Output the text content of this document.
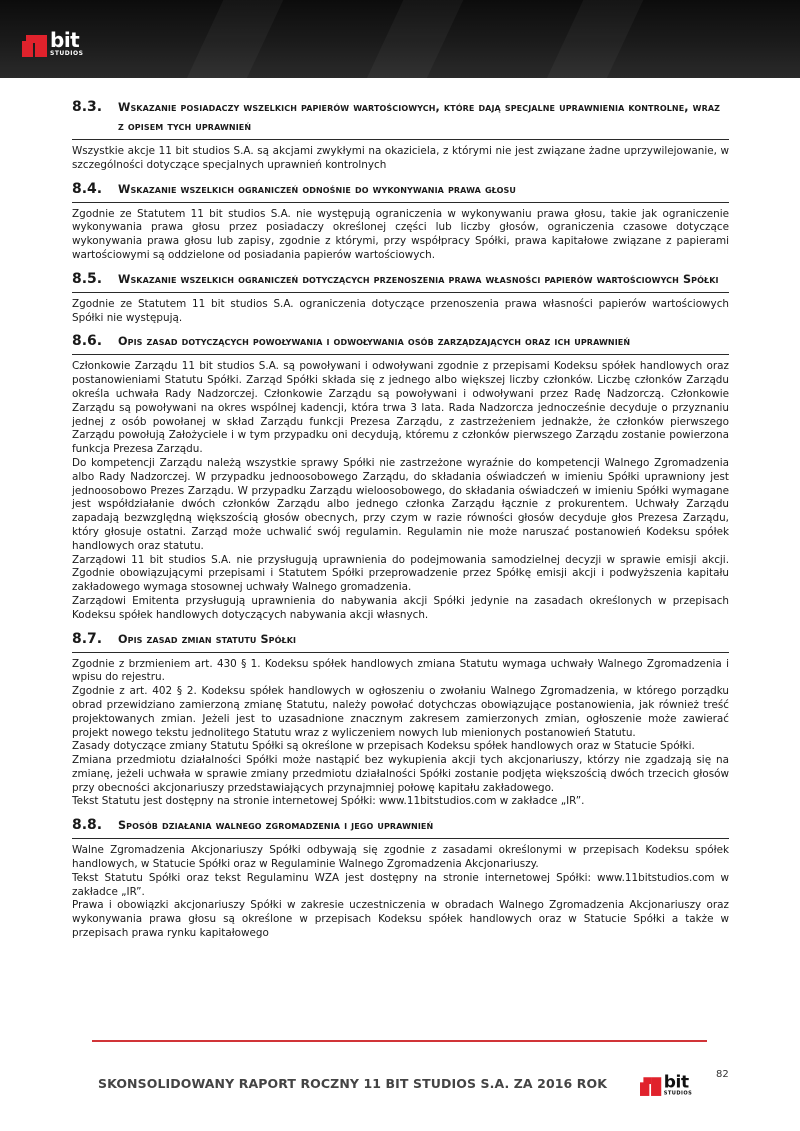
bit
STUDIOS
8.3.	Wskazanie posiadaczy wszelkich papierów wartościowych, które dają specjalne uprawnienia kontrolne, wraz z opisem tych uprawnień

Wszystkie akcje 11 bit studios S.A. są akcjami zwykłymi na okaziciela, z którymi nie jest związane żadne uprzywilejowanie, w szczególności dotyczące specjalnych uprawnień kontrolnych

8.4.	Wskazanie wszelkich ograniczeń odnośnie do wykonywania prawa głosu

Zgodnie ze Statutem 11 bit studios S.A. nie występują ograniczenia w wykonywaniu prawa głosu, takie jak ograniczenie wykonywania prawa głosu przez posiadaczy określonej części lub liczby głosów, ograniczenia czasowe dotyczące wykonywania prawa głosu lub zapisy, zgodnie z którymi, przy współpracy Spółki, prawa kapitałowe związane z papierami wartościowymi są oddzielone od posiadania papierów wartościowych.

8.5.	Wskazanie wszelkich ograniczeń dotyczących przenoszenia prawa własności papierów wartościowych Spółki

Zgodnie ze Statutem 11 bit studios S.A. ograniczenia dotyczące przenoszenia prawa własności papierów wartościowych Spółki nie występują.

8.6.	Opis zasad dotyczących powoływania i odwoływania osób zarządzających oraz ich uprawnień

Członkowie Zarządu 11 bit studios S.A. są powoływani i odwoływani zgodnie z przepisami Kodeksu spółek handlowych oraz postanowieniami Statutu Spółki. Zarząd Spółki składa się z jednego albo większej liczby członków. Liczbę członków Zarządu określa uchwała Rady Nadzorczej. Członkowie Zarządu są powoływani i odwoływani przez Radę Nadzorczą. Członkowie Zarządu są powoływani na okres wspólnej kadencji, która trwa 3 lata. Rada Nadzorcza jednocześnie decyduje o przyznaniu jednej z osób powołanej w skład Zarządu funkcji Prezesa Zarządu, z zastrzeżeniem jednakże, że członków pierwszego Zarządu powołują Założyciele i w tym przypadku oni decydują, któremu z członków pierwszego Zarządu zostanie powierzona funkcja Prezesa Zarządu.

Do kompetencji Zarządu należą wszystkie sprawy Spółki nie zastrzeżone wyraźnie do kompetencji Walnego Zgromadzenia albo Rady Nadzorczej. W przypadku jednoosobowego Zarządu, do składania oświadczeń w imieniu Spółki uprawniony jest jednoosobowo Prezes Zarządu. W przypadku Zarządu wieloosobowego, do składania oświadczeń w imieniu Spółki wymagane jest współdziałanie dwóch członków Zarządu albo jednego członka Zarządu łącznie z prokurentem. Uchwały Zarządu zapadają bezwzględną większością głosów obecnych, przy czym w razie równości głosów decyduje głos Prezesa Zarządu, który głosuje ostatni. Zarząd może uchwalić swój regulamin. Regulamin nie może naruszać postanowień Kodeksu spółek handlowych oraz statutu.

Zarządowi 11 bit studios S.A. nie przysługują uprawnienia do podejmowania samodzielnej decyzji w sprawie emisji akcji. Zgodnie obowiązującymi przepisami i Statutem Spółki przeprowadzenie przez Spółkę emisji akcji i podwyższenia kapitału zakładowego wymaga stosownej uchwały Walnego gromadzenia.

Zarządowi Emitenta przysługują uprawnienia do nabywania akcji Spółki jedynie na zasadach określonych w przepisach Kodeksu spółek handlowych dotyczących nabywania akcji własnych.

8.7.	Opis zasad zmian statutu Spółki

Zgodnie z brzmieniem art. 430 § 1. Kodeksu spółek handlowych zmiana Statutu wymaga uchwały Walnego Zgromadzenia i wpisu do rejestru.

Zgodnie z art. 402 § 2. Kodeksu spółek handlowych w ogłoszeniu o zwołaniu Walnego Zgromadzenia, w którego porządku obrad przewidziano zamierzoną zmianę Statutu, należy powołać dotychczas obowiązujące postanowienia, jak również treść projektowanych zmian. Jeżeli jest to uzasadnione znacznym zakresem zamierzonych zmian, ogłoszenie może zawierać projekt nowego tekstu jednolitego Statutu wraz z wyliczeniem nowych lub mienionych postanowień Statutu.

Zasady dotyczące zmiany Statutu Spółki są określone w przepisach Kodeksu spółek handlowych oraz w Statucie Spółki.

Zmiana przedmiotu działalności Spółki może nastąpić bez wykupienia akcji tych akcjonariuszy, którzy nie zgadzają się na zmianę, jeżeli uchwała w sprawie zmiany przedmiotu działalności Spółki zostanie podjęta większością dwóch trzecich głosów przy obecności akcjonariuszy przedstawiających przynajmniej połowę kapitału zakładowego.

Tekst Statutu jest dostępny na stronie internetowej Spółki: www.11bitstudios.com w zakładce „IR”.

8.8.	Sposób działania walnego zgromadzenia i jego uprawnień

Walne Zgromadzenia Akcjonariuszy Spółki odbywają się zgodnie z zasadami określonymi w przepisach Kodeksu spółek handlowych, w Statucie Spółki oraz w Regulaminie Walnego Zgromadzenia Akcjonariuszy.

Tekst Statutu Spółki oraz tekst Regulaminu WZA jest dostępny na stronie internetowej Spółki: www.11bitstudios.com w zakładce „IR”.

Prawa i obowiązki akcjonariuszy Spółki w zakresie uczestniczenia w obradach Walnego Zgromadzenia Akcjonariuszy oraz wykonywania prawa głosu są określone w przepisach Kodeksu spółek handlowych oraz w Statucie Spółki a także w przepisach prawa rynku kapitałowego

SKONSOLIDOWANY RAPORT ROCZNY 11 BIT STUDIOS S.A. ZA 2016 ROK	bit
STUDIOS
82
